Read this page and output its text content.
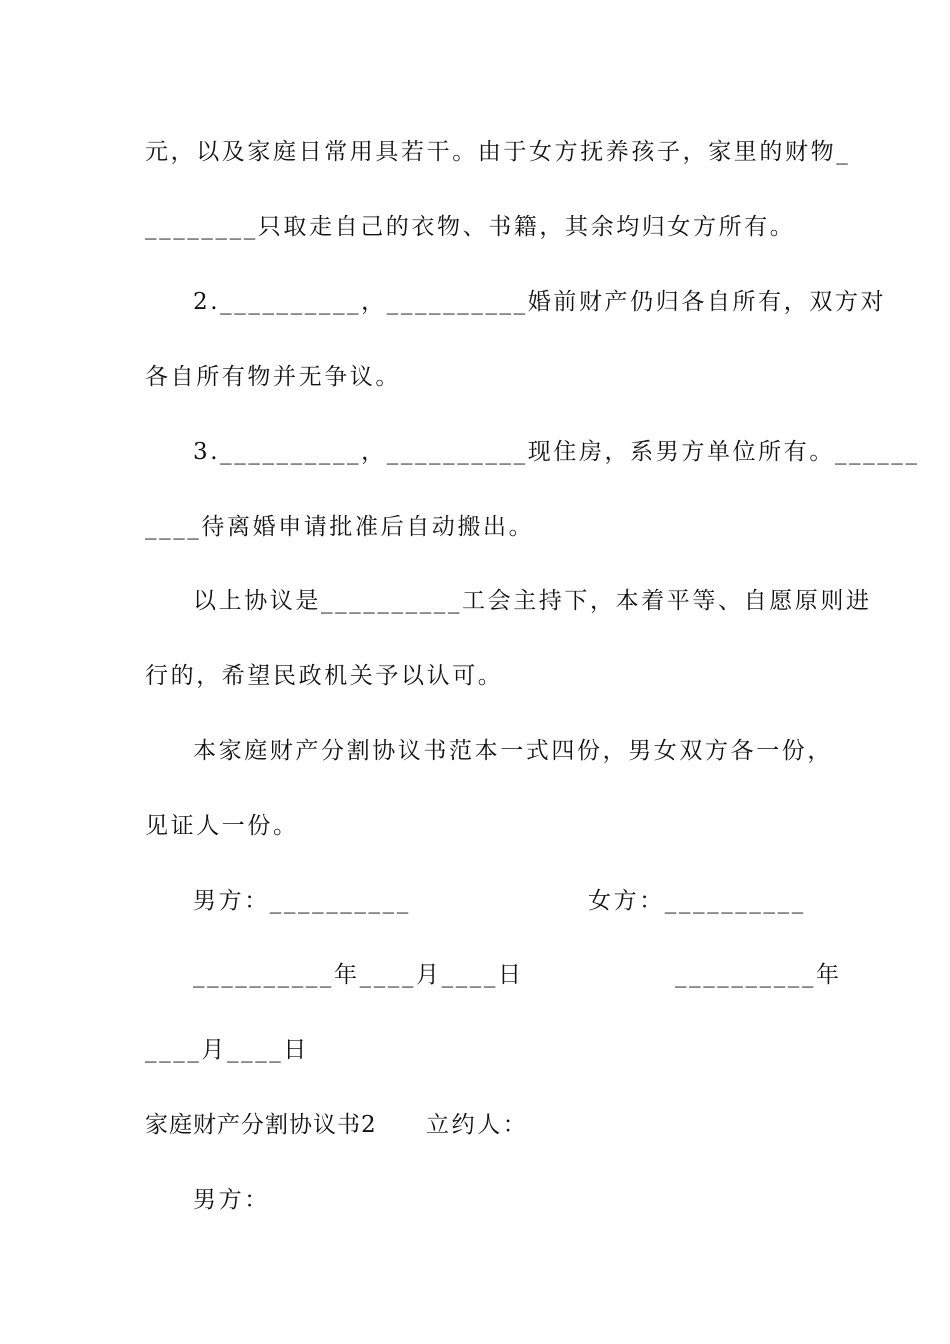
元，以及家庭日常用具若干。由于女方抚养孩子，家里的财物_
________只取走自己的衣物、书籍，其余均归女方所有。
2.__________，__________婚前财产仍归各自所有，双方对
各自所有物并无争议。
3.__________，__________现住房，系男方单位所有。______
____待离婚申请批准后自动搬出。
以上协议是__________工会主持下，本着平等、自愿原则进
行的，希望民政机关予以认可。
本家庭财产分割协议书范本一式四份，男女双方各一份，
见证人一份。
男方：__________	女方：__________
__________年____月____日	__________年
____月____日
家庭财产分割协议书2 立约人：
男方：
